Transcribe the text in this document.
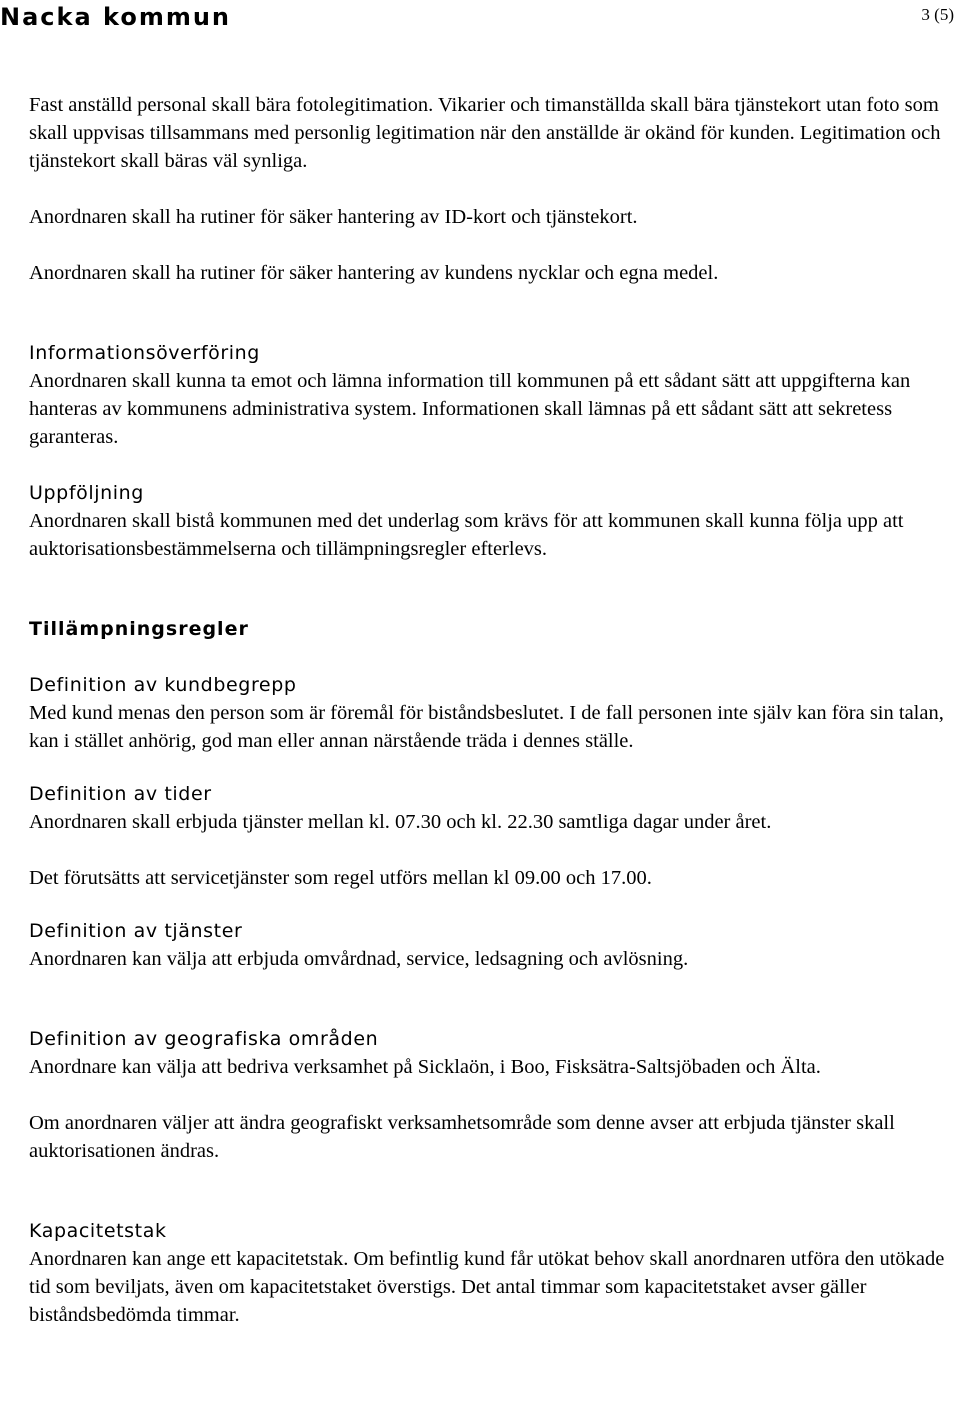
Nacka kommun	3 (5)

Fast anställd personal skall bära fotolegitimation. Vikarier och timanställda skall bära tjänstekort utan foto som skall uppvisas tillsammans med personlig legitimation när den anställde är okänd för kunden. Legitimation och tjänstekort skall bäras väl synliga.

Anordnaren skall ha rutiner för säker hantering av ID-kort och tjänstekort.

Anordnaren skall ha rutiner för säker hantering av kundens nycklar och egna medel.

Informationsöverföring

Anordnaren skall kunna ta emot och lämna information till kommunen på ett sådant sätt att uppgifterna kan hanteras av kommunens administrativa system. Informationen skall lämnas på ett sådant sätt att sekretess garanteras.

Uppföljning

Anordnaren skall bistå kommunen med det underlag som krävs för att kommunen skall kunna följa upp att auktorisationsbestämmelserna och tillämpningsregler efterlevs.

Tillämpningsregler
Definition av kundbegrepp

Med kund menas den person som är föremål för biståndsbeslutet. I de fall personen inte själv kan föra sin talan, kan i stället anhörig, god man eller annan närstående träda i dennes ställe.

Definition av tider

Anordnaren skall erbjuda tjänster mellan kl. 07.30 och kl. 22.30 samtliga dagar under året.

Det förutsätts att servicetjänster som regel utförs mellan kl 09.00 och 17.00.

Definition av tjänster

Anordnaren kan välja att erbjuda omvårdnad, service, ledsagning och avlösning.

Definition av geografiska områden

Anordnare kan välja att bedriva verksamhet på Sicklaön, i Boo, Fisksätra-Saltsjöbaden och Älta.

Om anordnaren väljer att ändra geografiskt verksamhetsområde som denne avser att erbjuda tjänster skall auktorisationen ändras.

Kapacitetstak

Anordnaren kan ange ett kapacitetstak. Om befintlig kund får utökat behov skall anordnaren utföra den utökade tid som beviljats, även om kapacitetstaket överstigs. Det antal timmar som kapacitetstaket avser gäller biståndsbedömda timmar.
